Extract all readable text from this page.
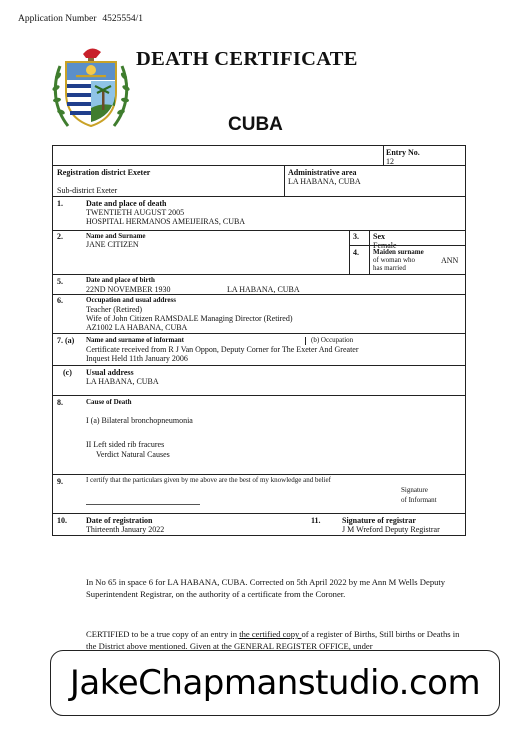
Application Number 4525554/1
DEATH CERTIFICATE
CUBA
Entry No.
12
Registration district Exeter
Sub-district Exeter
Administrative area
LA HABANA, CUBA
1.	Date and place of death
TWENTIETH AUGUST 2005
HOSPITAL HERMANOS AMEIJEIRAS, CUBA
2.	Name and Surname
JANE CITIZEN
3. Sex
Female
4. Maiden surname
of woman who
has married
ANN
5.	Date and place of birth
22ND NOVEMBER 1930	LA HABANA, CUBA
6.	Occupation and usual address
Teacher (Retired)
Wife of John Citizen RAMSDALE Managing Director (Retired)
AZ1002 LA HABANA, CUBA
7. (a) Name and surname of informant	(b) Occupation
Certificate received from R J Van Oppon, Deputy Corner for The Exeter And Greater
Inquest Held 11th January 2006
(c) Usual address
LA HABANA, CUBA
8.	Cause of Death
I (a) Bilateral bronchopneumonia
II Left sided rib fracures
Verdict Natural Causes
9.	I certify that the particulars given by me above are the best of my knowledge and belief
Signature
of Informant
10. Date of registration
Thirteenth January 2022
11.	Signature of registrar
J M Wreford Deputy Registrar
In No 65 in space 6 for LA HABANA, CUBA. Corrected on 5th April 2022 by me Ann M Wells Deputy Superintendent Registrar, on the authority of a certificate from the Coroner.
CERTIFIED to be a true copy of an entry in the certified copy of a register of Births, Still births or Deaths in the District above mentioned. Given at the GENERAL REGISTER OFFICE, under
JakeChapmanstudio.com
